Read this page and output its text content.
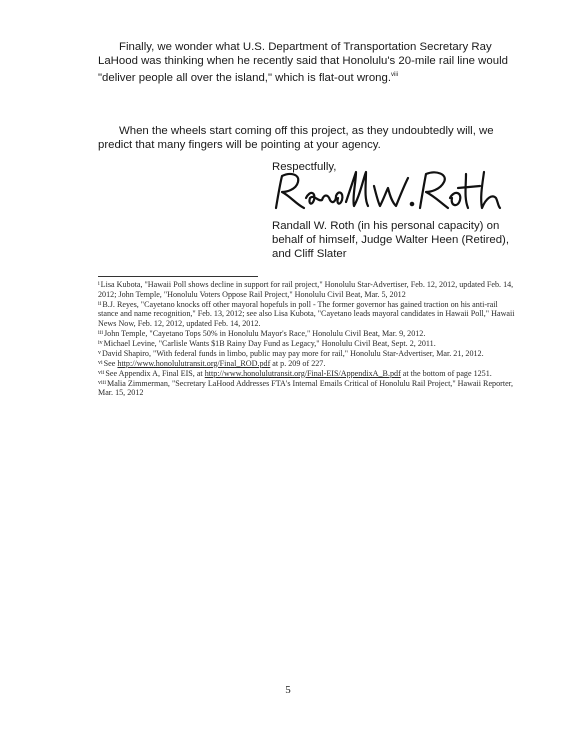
Finally, we wonder what U.S. Department of Transportation Secretary Ray LaHood was thinking when he recently said that Honolulu's 20-mile rail line would "deliver people all over the island," which is flat-out wrong.$^{viii}$

When the wheels start coming off this project, as they undoubtedly will, we predict that many fingers will be pointing at your agency.

Respectfully,
Randall W. Roth (in his personal capacity) on
behalf of himself, Judge Walter Heen (Retired),
and Cliff Slater

$^i$Lisa Kubota, "Hawaii Poll shows decline in support for rail project," Honolulu Star-Advertiser, Feb. 12, 2012, updated Feb. 14, 2012; John Temple, "Honolulu Voters Oppose Rail Project," Honolulu Civil Beat, Mar. 5, 2012

$^{ii}$B.J. Reyes, "Cayetano knocks off other mayoral hopefuls in poll - The former governor has gained traction on his anti-rail stance and name recognition," Feb. 13, 2012; see also Lisa Kubota, "Cayetano leads mayoral candidates in Hawaii Poll," Hawaii News Now, Feb. 12, 2012, updated Feb. 14, 2012.

$^{iii}$John Temple, "Cayetano Tops 50% in Honolulu Mayor's Race," Honolulu Civil Beat, Mar. 9, 2012.

$^{iv}$Michael Levine, "Carlisle Wants $1B Rainy Day Fund as Legacy," Honolulu Civil Beat, Sept. 2, 2011.

$^v$David Shapiro, "With federal funds in limbo, public may pay more for rail," Honolulu Star-Advertiser, Mar. 21, 2012.

$^{vi}$See http://www.honolulutransit.org/Final_ROD.pdf at p. 209 of 227.

$^{vii}$See Appendix A, Final EIS, at http://www.honolulutransit.org/Final-EIS/AppendixA_B.pdf at the bottom of page 1251.

$^{viii}$Malia Zimmerman, "Secretary LaHood Addresses FTA's Internal Emails Critical of Honolulu Rail Project," Hawaii Reporter, Mar. 15, 2012

5
